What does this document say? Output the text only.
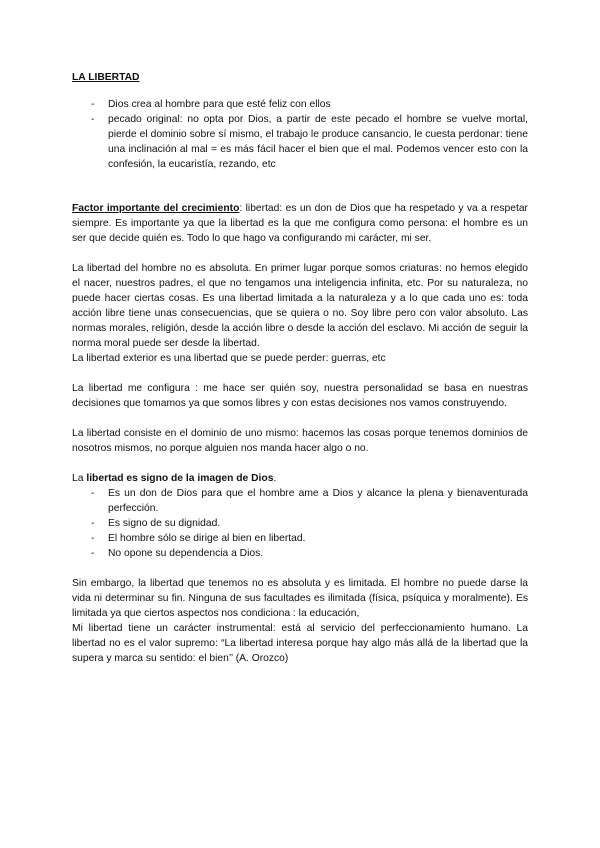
LA LIBERTAD
- Dios crea al hombre para que esté feliz con ellos
- pecado original: no opta por Dios, a partir de este pecado el hombre se vuelve mortal, pierde el dominio sobre sí mismo, el trabajo le produce cansancio, le cuesta perdonar: tiene una inclinación al mal = es más fácil hacer el bien que el mal. Podemos vencer esto con la confesión, la eucaristía, rezando, etc

Factor importante del crecimiento: libertad: es un don de Dios que ha respetado y va a respetar siempre. Es importante ya que la libertad es la que me configura como persona: el hombre es un ser que decide quién es. Todo lo que hago va configurando mi carácter, mi ser.

La libertad del hombre no es absoluta. En primer lugar porque somos criaturas: no hemos elegido el nacer, nuestros padres, el que no tengamos una inteligencia infinita, etc. Por su naturaleza, no puede hacer ciertas cosas. Es una libertad limitada a la naturaleza y a lo que cada uno es: toda acción libre tiene unas consecuencias, que se quiera o no. Soy libre pero con valor absoluto. Las normas morales, religión, desde la acción libre o desde la acción del esclavo. Mi acción de seguir la norma moral puede ser desde la libertad.

La libertad exterior es una libertad que se puede perder: guerras, etc

La libertad me configura : me hace ser quién soy, nuestra personalidad se basa en nuestras decisiones que tomamos ya que somos libres y con estas decisiones nos vamos construyendo.

La libertad consiste en el dominio de uno mismo: hacemos las cosas porque tenemos dominios de nosotros mismos, no porque alguien nos manda hacer algo o no.

La libertad es signo de la imagen de Dios.

- Es un don de Dios para que el hombre ame a Dios y alcance la plena y bienaventurada perfección.
- Es signo de su dignidad.
- El hombre sólo se dirige al bien en libertad.
- No opone su dependencia a Dios.

Sin embargo, la libertad que tenemos no es absoluta y es limitada. El hombre no puede darse la vida ni determinar su fin. Ninguna de sus facultades es ilimitada (física, psíquica y moralmente). Es limitada ya que ciertos aspectos nos condiciona : la educación,

Mi libertad tiene un carácter instrumental: está al servicio del perfeccionamiento humano. La libertad no es el valor supremo: “La libertad interesa porque hay algo más allá de la libertad que la supera y marca su sentido: el bien’’ (A. Orozco)
